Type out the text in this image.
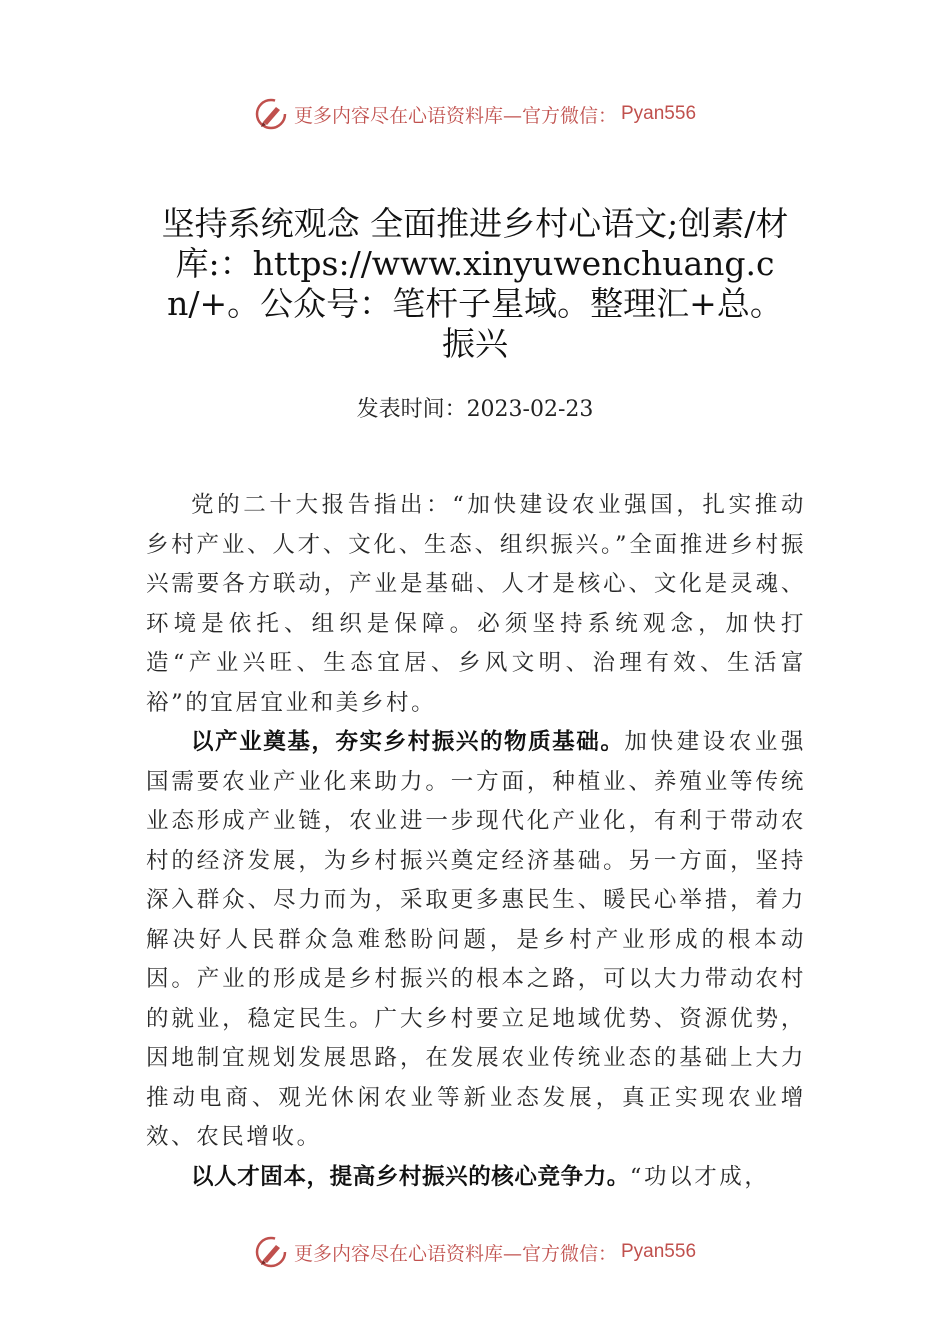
更多内容尽在心语资料库—官方微信： Pyan556
坚持系统观念 全面推进乡村心语文;创素/材库:：https://www.xinyuwenchuang.cn/+。公众号：笔杆子星域。整理汇+总。振兴
发表时间：2023-02-23

党的二十大报告指出：“加快建设农业强国，扎实推动乡村产业、人才、文化、生态、组织振兴。”全面推进乡村振兴需要各方联动，产业是基础、人才是核心、文化是灵魂、环境是依托、组织是保障。必须坚持系统观念，加快打造“产业兴旺、生态宜居、乡风文明、治理有效、生活富裕”的宜居宜业和美乡村。

以产业奠基，夯实乡村振兴的物质基础。加快建设农业强国需要农业产业化来助力。一方面，种植业、养殖业等传统业态形成产业链，农业进一步现代化产业化，有利于带动农村的经济发展，为乡村振兴奠定经济基础。另一方面，坚持深入群众、尽力而为，采取更多惠民生、暖民心举措，着力解决好人民群众急难愁盼问题，是乡村产业形成的根本动因。产业的形成是乡村振兴的根本之路，可以大力带动农村的就业，稳定民生。广大乡村要立足地域优势、资源优势， 因地制宜规划发展思路，在发展农业传统业态的基础上大力推动电商、观光休闲农业等新业态发展，真正实现农业增效、农民增收。

以人才固本，提高乡村振兴的核心竞争力。“功以才成，

更多内容尽在心语资料库—官方微信： Pyan556
